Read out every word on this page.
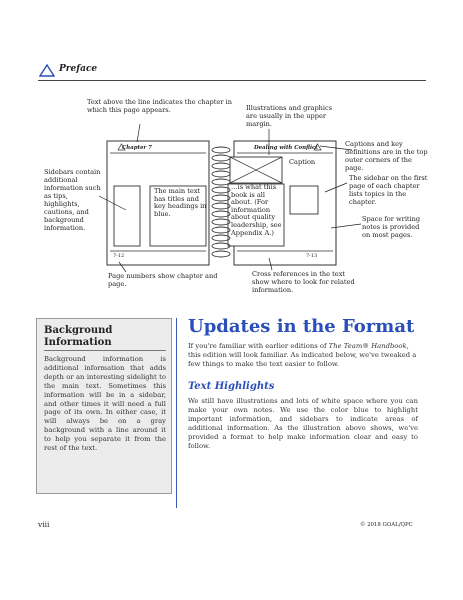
Preface
Text above the line indicates the chapter in which this page appears.	Illustrations and graphics are usually in the upper margin.
Captions and key definitions are in the top outer corners of the page.
Sidebars contain additional information such as tips, highlights, cautions, and background information.
The sidebar on the first page of each chapter lists topics in the chapter.
Space for writing notes is provided on most pages.
Page numbers show chapter and page.
Cross references in the text show where to look for related information.
Chapter 7	Dealing with Conflict
The main text has titles and key headings in blue.
…is what this book is all about. (For information about quality leadership, see Appendix A.)
Caption
7-12	7-13
Background Information
Background information is additional information that adds depth or an interesting sidelight to the main text. Sometimes this information will be in a sidebar, and other times it will need a full page of its own. In either case, it will always be on a gray background with a line around it to help you separate it from the rest of the text.
Updates in the Format
If you're familiar with earlier editions of The Team® Handbook, this edition will look familiar. As indicated below, we've tweaked a few things to make the text easier to follow.
Text Highlights
We still have illustrations and lots of white space where you can make your own notes. We use the color blue to highlight important information, and sidebars to indicate areas of additional information. As the illustration above shows, we've provided a format to help make information clear and easy to follow.
viii	© 2018 GOAL/QPC
